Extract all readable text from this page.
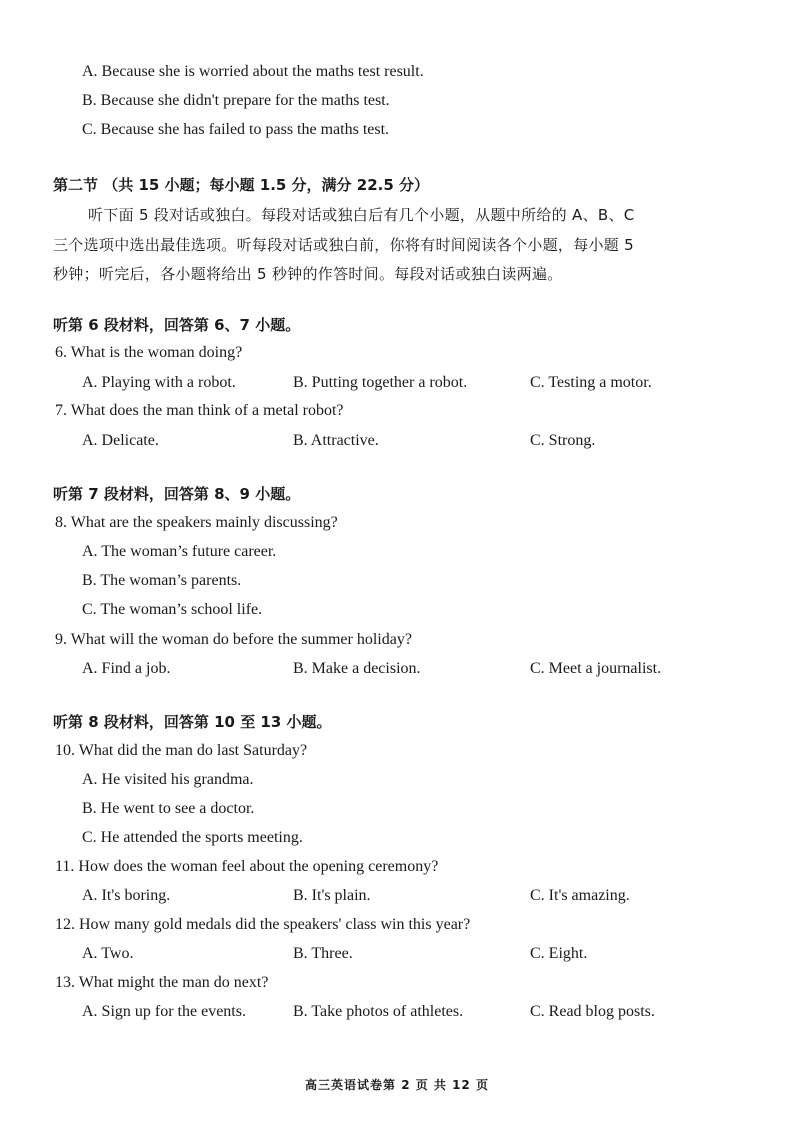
A. Because she is worried about the maths test result.
B. Because she didn't prepare for the maths test.
C. Because she has failed to pass the maths test.
第二节 （共 15 小题；每小题 1.5 分，满分 22.5 分）
听下面 5 段对话或独白。每段对话或独白后有几个小题，从题中所给的 A、B、C
三个选项中选出最佳选项。听每段对话或独白前，你将有时间阅读各个小题，每小题 5
秒钟；听完后，各小题将给出 5 秒钟的作答时间。每段对话或独白读两遍。
听第 6 段材料，回答第 6、7 小题。
6. What is the woman doing?
A. Playing with a robot.	B. Putting together a robot.	C. Testing a motor.
7. What does the man think of a metal robot?
A. Delicate.	B. Attractive.	C. Strong.
听第 7 段材料，回答第 8、9 小题。
8. What are the speakers mainly discussing?
A. The woman’s future career.
B. The woman’s parents.
C. The woman’s school life.
9. What will the woman do before the summer holiday?
A. Find a job.	B. Make a decision.	C. Meet a journalist.
听第 8 段材料，回答第 10 至 13 小题。
10. What did the man do last Saturday?
A. He visited his grandma.
B. He went to see a doctor.
C. He attended the sports meeting.
11. How does the woman feel about the opening ceremony?
A. It's boring.	B. It's plain.	C. It's amazing.
12. How many gold medals did the speakers' class win this year?
A. Two.	B. Three.	C. Eight.
13. What might the man do next?
A. Sign up for the events.	B. Take photos of athletes.	C. Read blog posts.
高三英语试卷第 2 页 共 12 页
